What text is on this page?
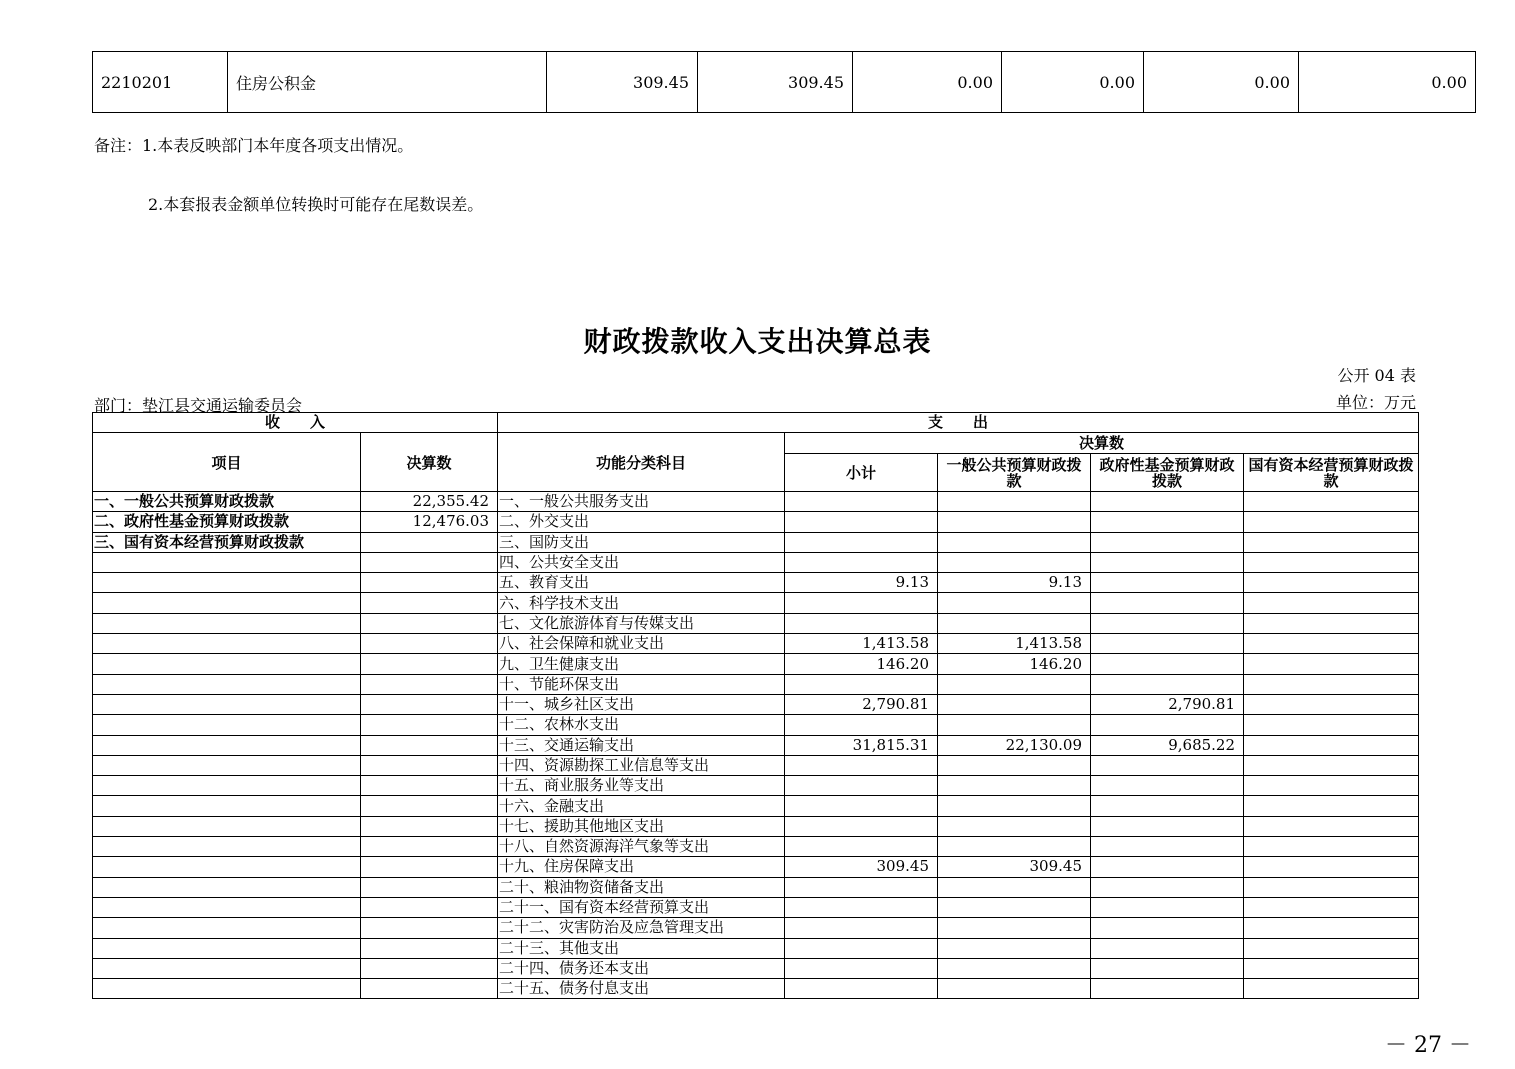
2210201	住房公积金	309.45	309.45	0.00	0.00	0.00	0.00
备注：1.本表反映部门本年度各项支出情况。
2.本套报表金额单位转换时可能存在尾数误差。
财政拨款收入支出决算总表
公开 04 表
部门：垫江县交通运输委员会	单位：万元
收　　入		支　　出				
项目	决算数	功能分类科目	决算数			
			小计	一般公共预算财政拨款	政府性基金预算财政拨款	国有资本经营预算财政拨款
一、一般公共预算财政拨款	22,355.42	一、一般公共服务支出				
二、政府性基金预算财政拨款	12,476.03	二、外交支出				
三、国有资本经营预算财政拨款		三、国防支出				
		四、公共安全支出				
		五、教育支出	9.13	9.13		
		六、科学技术支出				
		七、文化旅游体育与传媒支出				
		八、社会保障和就业支出	1,413.58	1,413.58		
		九、卫生健康支出	146.20	146.20		
		十、节能环保支出				
		十一、城乡社区支出	2,790.81		2,790.81	
		十二、农林水支出				
		十三、交通运输支出	31,815.31	22,130.09	9,685.22	
		十四、资源勘探工业信息等支出				
		十五、商业服务业等支出				
		十六、金融支出				
		十七、援助其他地区支出				
		十八、自然资源海洋气象等支出				
		十九、住房保障支出	309.45	309.45		
		二十、粮油物资储备支出				
		二十一、国有资本经营预算支出				
		二十二、灾害防治及应急管理支出				
		二十三、其他支出				
		二十四、债务还本支出				
		二十五、债务付息支出				
－ 27 －
